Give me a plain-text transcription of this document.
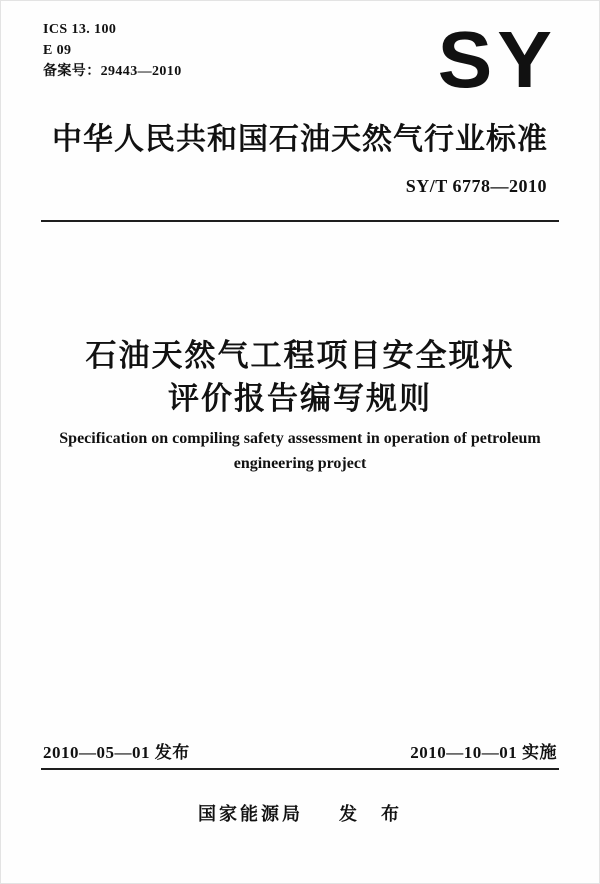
ICS 13. 100
E 09
备案号：29443—2010	SY
中华人民共和国石油天然气行业标准
SY/T 6778—2010
石油天然气工程项目安全现状
评价报告编写规则
Specification on compiling safety assessment in operation of petroleum
engineering project
2010—05—01 发布	2010—10—01 实施
国家能源局 发　布
